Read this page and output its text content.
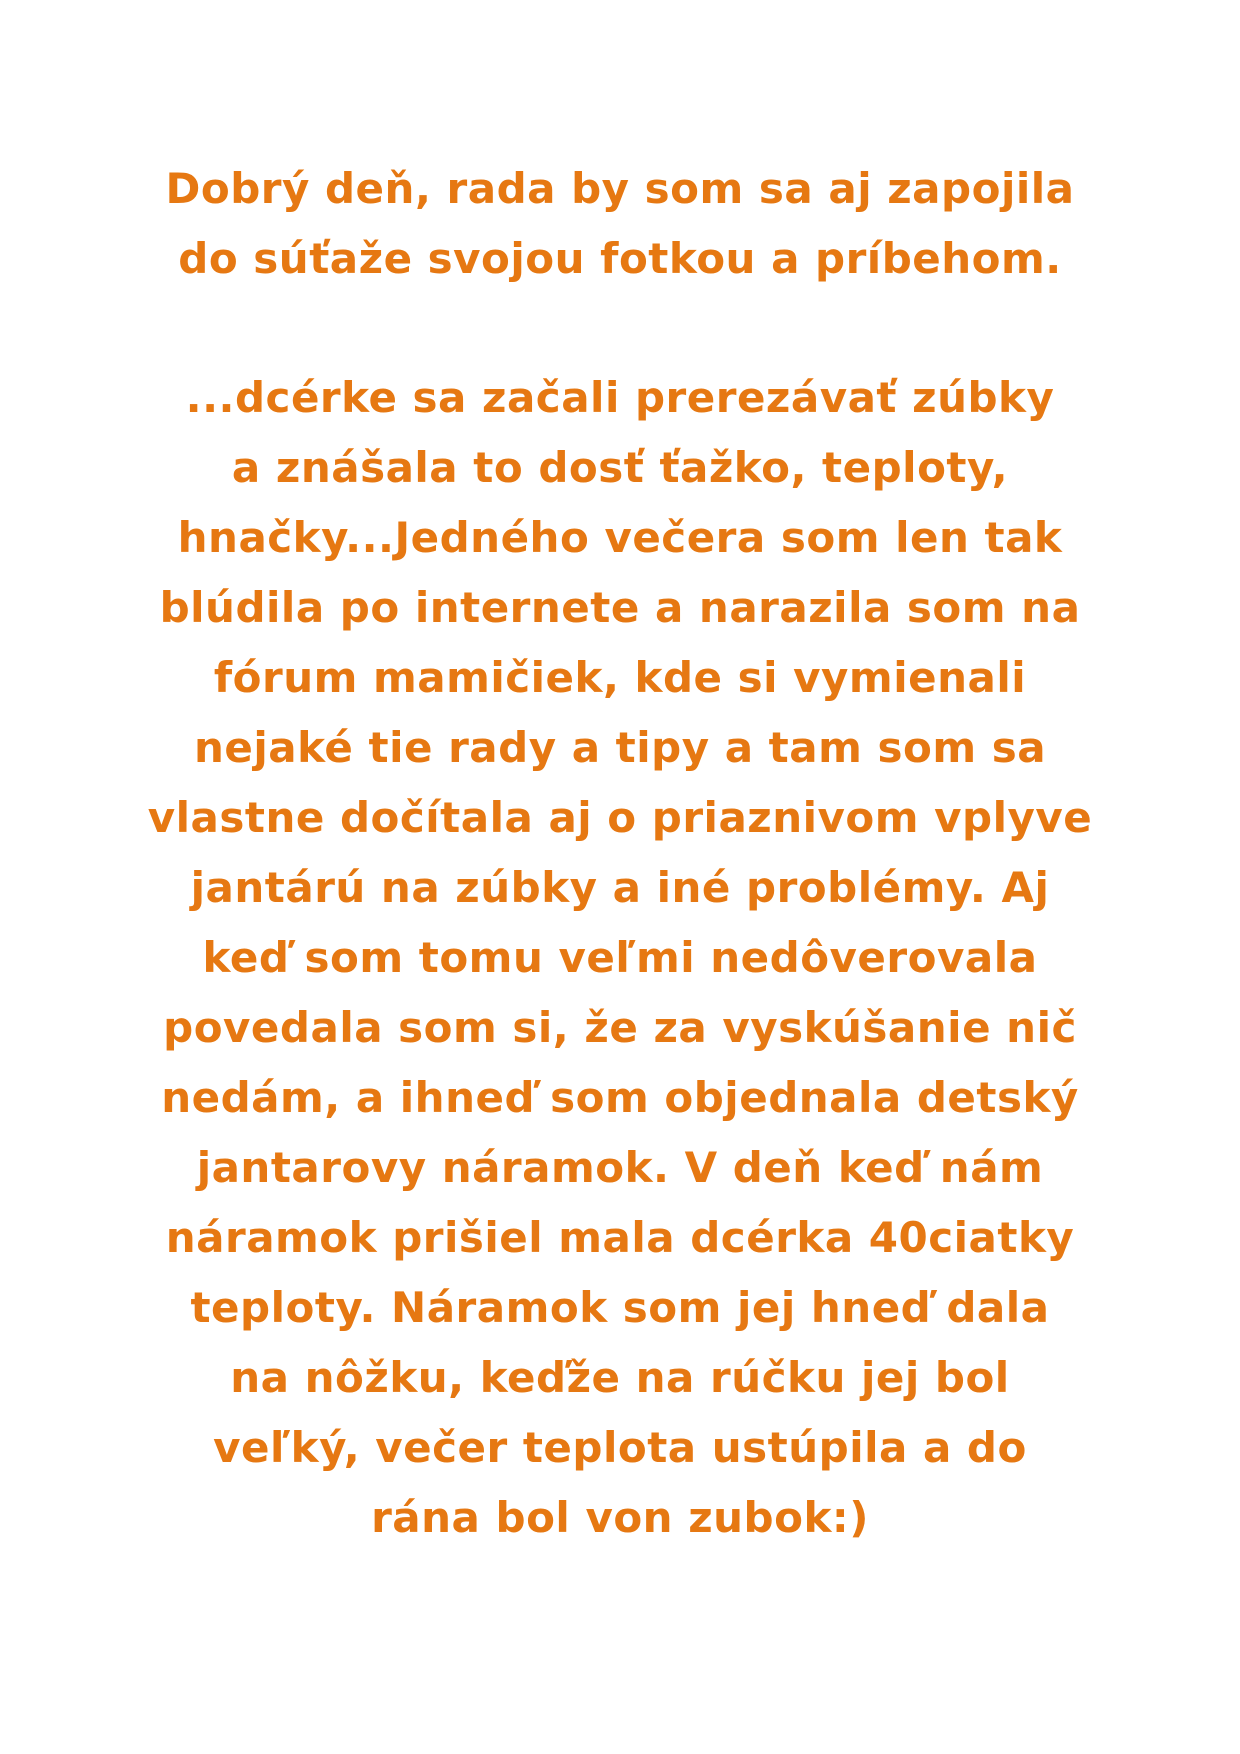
Dobrý deň, rada by som sa aj zapojila
do súťaže svojou fotkou a príbehom.
...dcérke sa začali prerezávať zúbky
a znášala to dosť ťažko, teploty,
hnačky...Jedného večera som len tak
blúdila po internete a narazila som na
fórum mamičiek, kde si vymienali
nejaké tie rady a tipy a tam som sa
vlastne dočítala aj o priaznivom vplyve
jantárú na zúbky a iné problémy. Aj
keď som tomu veľmi nedôverovala
povedala som si, že za vyskúšanie nič
nedám, a ihneď som objednala detský
jantarovy náramok. V deň keď nám
náramok prišiel mala dcérka 40ciatky
teploty. Náramok som jej hneď dala
na nôžku, keďže na rúčku jej bol
veľký, večer teplota ustúpila a do
rána bol von zubok:)
